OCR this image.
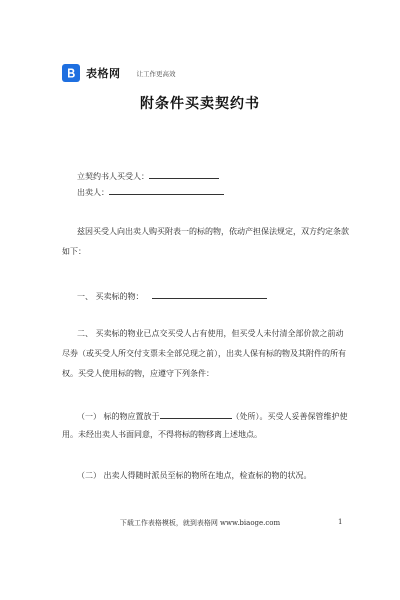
表格网 让工作更高效
附条件买卖契约书
立契约书人买受人：
出卖人：
兹因买受人向出卖人购买附表一的标的物，依动产担保法规定，双方约定条款
如下：
一、 买卖标的物：
二、 买卖标的物业已点交买受人占有使用，但买受人未付清全部价款之前动
尽券（或买受人所交付支票未全部兑现之前），出卖人保有标的物及其附件的所有
权。买受人使用标的物，应遵守下列条件：
（一） 标的物应置放于	（处所）。买受人妥善保管维护使
用。未经出卖人书面同意，不得将标的物移离上述地点。
（二） 出卖人得随时派员至标的物所在地点，检查标的物的状况。
下载工作表格模板，就到表格网 www.biaoge.com	1
